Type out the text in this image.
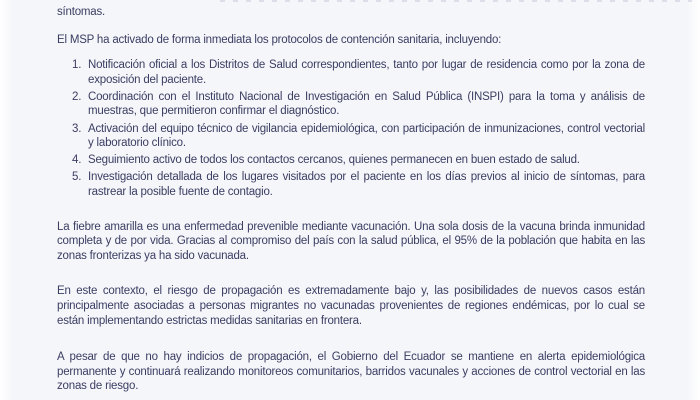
síntomas.

El MSP ha activado de forma inmediata los protocolos de contención sanitaria, incluyendo:

1. Notificación oficial a los Distritos de Salud correspondientes, tanto por lugar de residencia como por la zona de exposición del paciente.
2. Coordinación con el Instituto Nacional de Investigación en Salud Pública (INSPI) para la toma y análisis de muestras, que permitieron confirmar el diagnóstico.
3. Activación del equipo técnico de vigilancia epidemiológica, con participación de inmunizaciones, control vectorial y laboratorio clínico.
4. Seguimiento activo de todos los contactos cercanos, quienes permanecen en buen estado de salud.
5. Investigación detallada de los lugares visitados por el paciente en los días previos al inicio de síntomas, para rastrear la posible fuente de contagio.

La fiebre amarilla es una enfermedad prevenible mediante vacunación. Una sola dosis de la vacuna brinda inmunidad completa y de por vida. Gracias al compromiso del país con la salud pública, el 95% de la población que habita en las zonas fronterizas ya ha sido vacunada.

En este contexto, el riesgo de propagación es extremadamente bajo y, las posibilidades de nuevos casos están principalmente asociadas a personas migrantes no vacunadas provenientes de regiones endémicas, por lo cual se están implementando estrictas medidas sanitarias en frontera.

A pesar de que no hay indicios de propagación, el Gobierno del Ecuador se mantiene en alerta epidemiológica permanente y continuará realizando monitoreos comunitarios, barridos vacunales y acciones de control vectorial en las zonas de riesgo.
